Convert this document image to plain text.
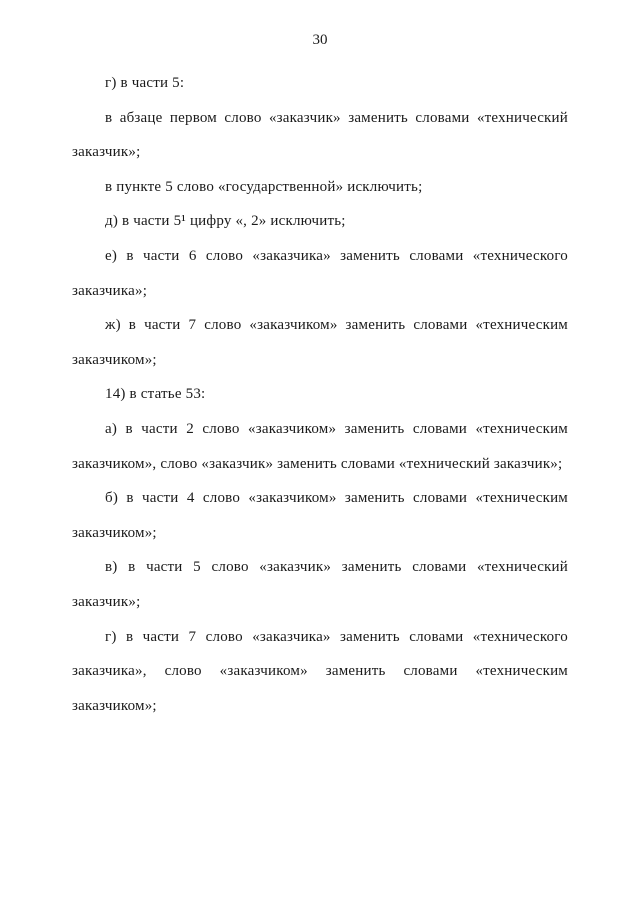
30
г) в части 5:
в абзаце первом слово «заказчик» заменить словами «технический
заказчик»;
в пункте 5 слово «государственной» исключить;
д) в части 5¹ цифру «, 2» исключить;
е) в части 6 слово «заказчика» заменить словами «технического
заказчика»;
ж) в части 7 слово «заказчиком» заменить словами «техническим
заказчиком»;
14) в статье 53:
а) в части 2 слово «заказчиком» заменить словами «техническим
заказчиком», слово «заказчик» заменить словами «технический заказчик»;
б) в части 4 слово «заказчиком» заменить словами «техническим
заказчиком»;
в) в части 5 слово «заказчик» заменить словами «технический
заказчик»;
г) в части 7 слово «заказчика» заменить словами «технического
заказчика», слово «заказчиком» заменить словами «техническим
заказчиком»;
